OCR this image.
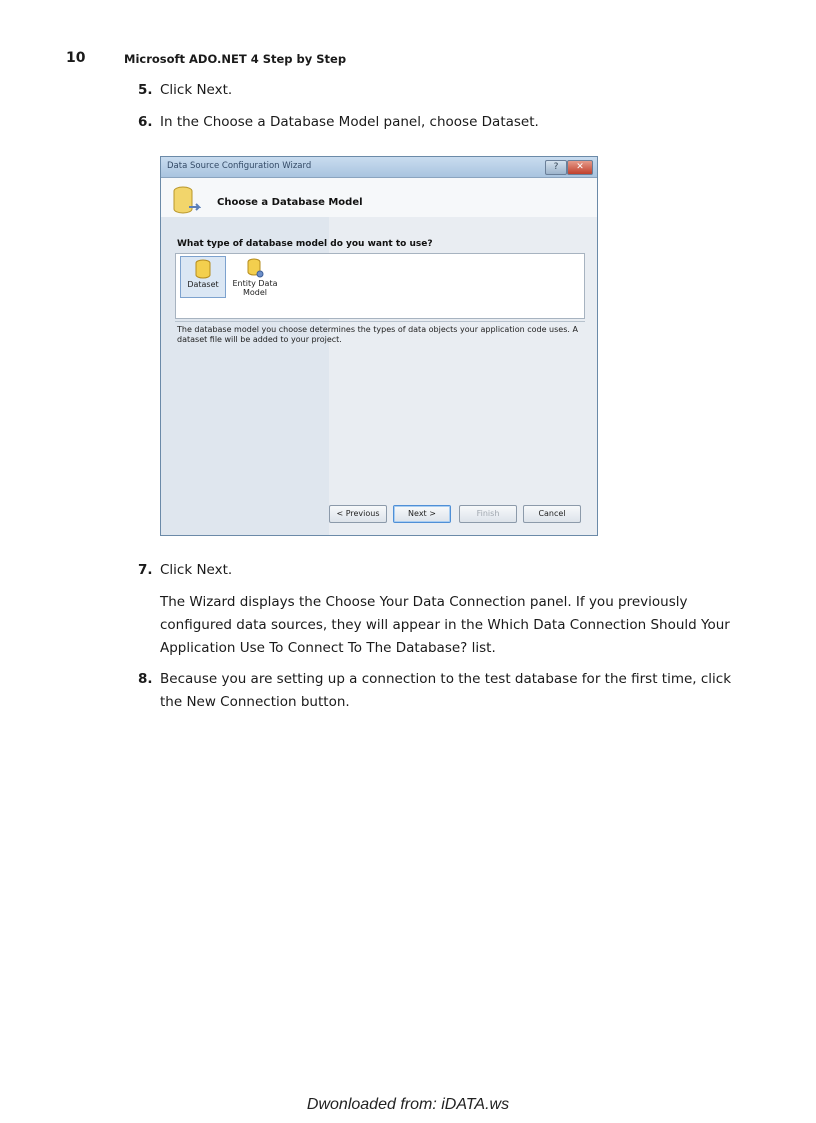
10	Microsoft ADO.NET 4 Step by Step
5. Click Next.
6. In the Choose a Database Model panel, choose Dataset.
Data Source Configuration Wizard	?	✕
Choose a Database Model
What type of database model do you want to use?
Dataset	Entity Data Model
The database model you choose determines the types of data objects your application code uses. A dataset file will be added to your project.
< Previous	Next >	Finish	Cancel
7. Click Next.
The Wizard displays the Choose Your Data Connection panel. If you previously configured data sources, they will appear in the Which Data Connection Should Your Application Use To Connect To The Database? list.
8. Because you are setting up a connection to the test database for the first time, click the New Connection button.
Dwonloaded from: iDATA.ws
